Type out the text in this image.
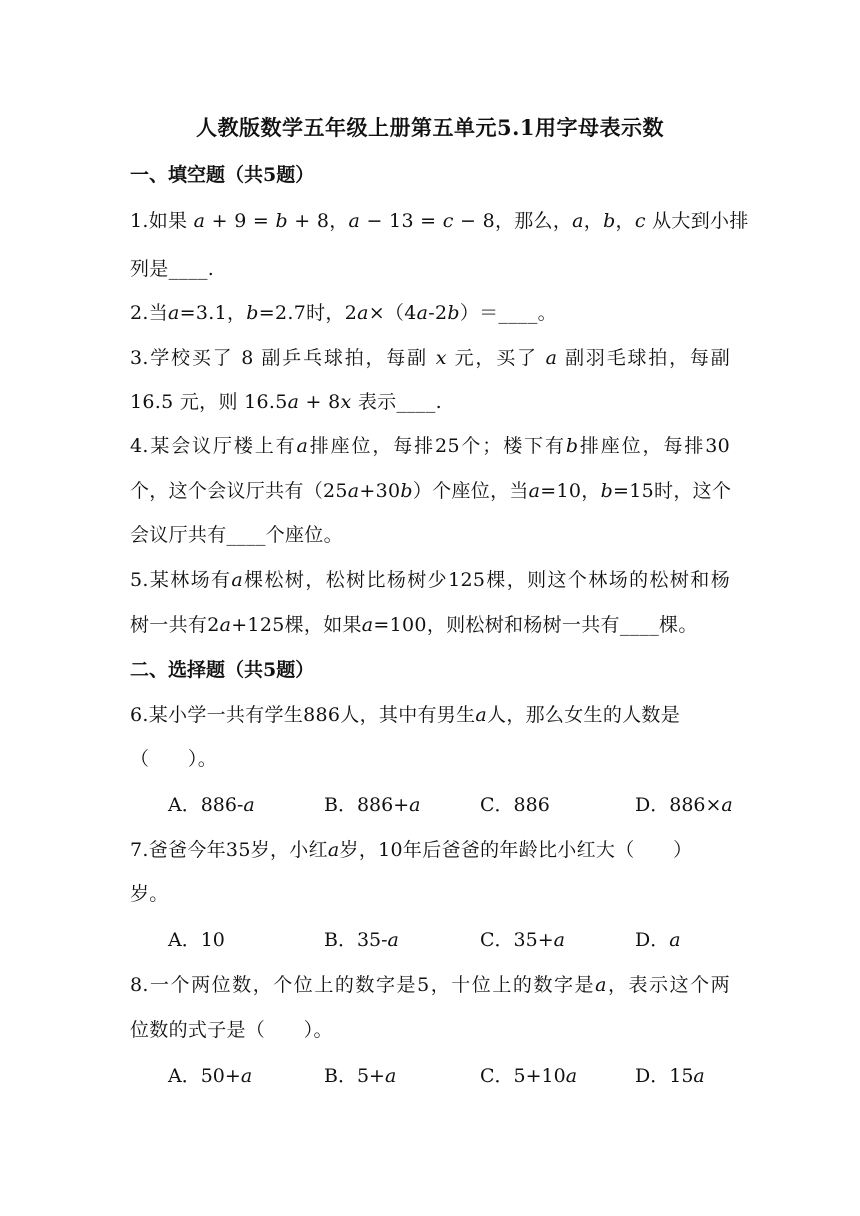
人教版数学五年级上册第五单元5.1用字母表示数
一、填空题（共5题）
1.如果 𝑎 + 9 = 𝑏 + 8，𝑎 − 13 = 𝑐 − 8，那么，𝑎，𝑏，𝑐 从大到小排
列是____.
2.当𝑎=3.1，𝑏=2.7时，2𝑎×（4𝑎-2𝑏）＝____。
3.学校买了 8 副乒乓球拍，每副 𝑥 元，买了 𝑎 副羽毛球拍，每副
16.5 元，则 16.5𝑎 + 8𝑥 表示____.
4.某会议厅楼上有𝑎排座位，每排25个；楼下有𝑏排座位，每排30
个，这个会议厅共有（25𝑎+30𝑏）个座位，当𝑎=10，𝑏=15时，这个
会议厅共有____个座位。
5.某林场有𝑎棵松树，松树比杨树少125棵，则这个林场的松树和杨
树一共有2𝑎+125棵，如果𝑎=100，则松树和杨树一共有____棵。
二、选择题（共5题）
6.某小学一共有学生886人，其中有男生𝑎人，那么女生的人数是
（　　）。
A．886-𝑎	B．886+𝑎	C．886	D．886×𝑎
7.爸爸今年35岁，小红𝑎岁，10年后爸爸的年龄比小红大（　　）
岁。
A．10	B．35-𝑎	C．35+𝑎	D．𝑎
8.一个两位数，个位上的数字是5，十位上的数字是𝑎，表示这个两
位数的式子是（　　）。
A．50+𝑎	B．5+𝑎	C．5+10𝑎	D．15𝑎
